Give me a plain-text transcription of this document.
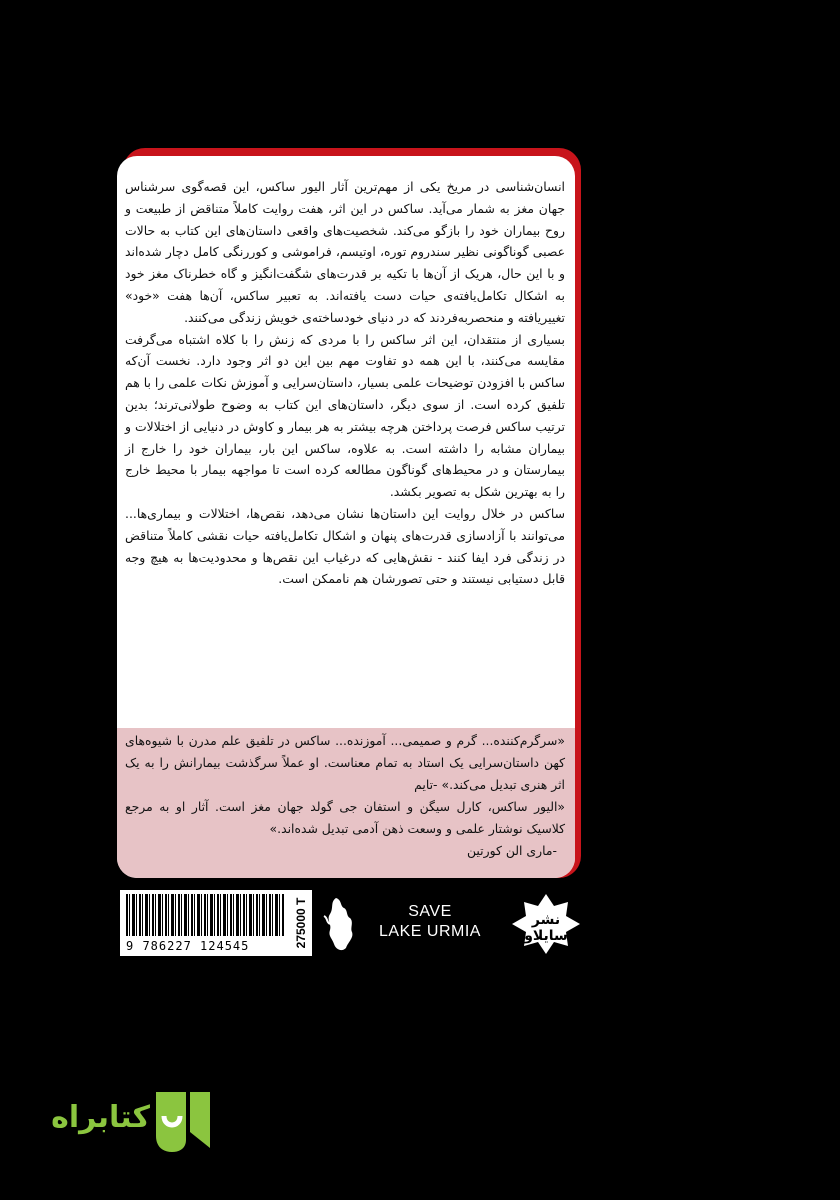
انسان‌شناسی در مریخ یکی از مهم‌ترین آثار الیور ساکس، این قصه‌گوی سرشناس جهان مغز به شمار می‌آید. ساکس در این اثر، هفت روایت کاملاً متناقض از طبیعت و روح بیماران خود را بازگو می‌کند. شخصیت‌های واقعی داستان‌های این کتاب به حالات عصبی گوناگونی نظیر سندروم توره، اوتیسم، فراموشی و کوررنگی کامل دچار شده‌اند و با این حال، هریک از آن‌ها با تکیه بر قدرت‌های شگفت‌انگیز و گاه خطرناک مغز خود به اشکال تکامل‌یافته‌ی حیات دست یافته‌اند. به تعبیر ساکس، آن‌ها هفت «خود» تغییریافته و منحصربه‌فردند که در دنیای خودساخته‌ی خویش زندگی می‌کنند.

بسیاری از منتقدان، این اثر ساکس را با مردی که زنش را با کلاه اشتباه می‌گرفت مقایسه می‌کنند، با این همه دو تفاوت مهم بین این دو اثر وجود دارد. نخست آن‌که ساکس با افزودن توضیحات علمی بسیار، داستان‌سرایی و آموزش نکات علمی را با هم تلفیق کرده است. از سوی دیگر، داستان‌های این کتاب به وضوح طولانی‌ترند؛ بدین ترتیب ساکس فرصت پرداختن هرچه بیشتر به هر بیمار و کاوش در دنیایی از اختلالات و بیماران مشابه را داشته است. به علاوه، ساکس این بار، بیماران خود را خارج از بیمارستان و در محیط‌های گوناگون مطالعه کرده است تا مواجهه بیمار با محیط خارج را به بهترین شکل به تصویر بکشد.

ساکس در خلال روایت این داستان‌ها نشان می‌دهد، نقص‌ها، اختلالات و بیماری‌ها... می‌توانند با آزادسازی قدرت‌های پنهان و اشکال تکامل‌یافته حیات نقشی کاملاً متناقض در زندگی فرد ایفا کنند - نقش‌هایی که درغیاب این نقص‌ها و محدودیت‌ها به هیچ وجه قابل دستیابی نیستند و حتی تصورشان هم ناممکن است.

«سرگرم‌کننده... گرم و صمیمی... آموزنده... ساکس در تلفیق علم مدرن با شیوه‌های کهن داستان‌سرایی یک استاد به تمام معناست. او عملاً سرگذشت بیمارانش را به یک اثر هنری تبدیل می‌کند.» -تایم

«الیور ساکس، کارل سیگن و استفان جی گولد جهان مغز است. آثار او به مرجع کلاسیک نوشتار علمی و وسعت ذهن آدمی تبدیل شده‌اند.»
-ماری الن کورتین

9 786227 124545	275000 T	SAVE
LAKE URMIA
نشر سایلاو
کتابراه
